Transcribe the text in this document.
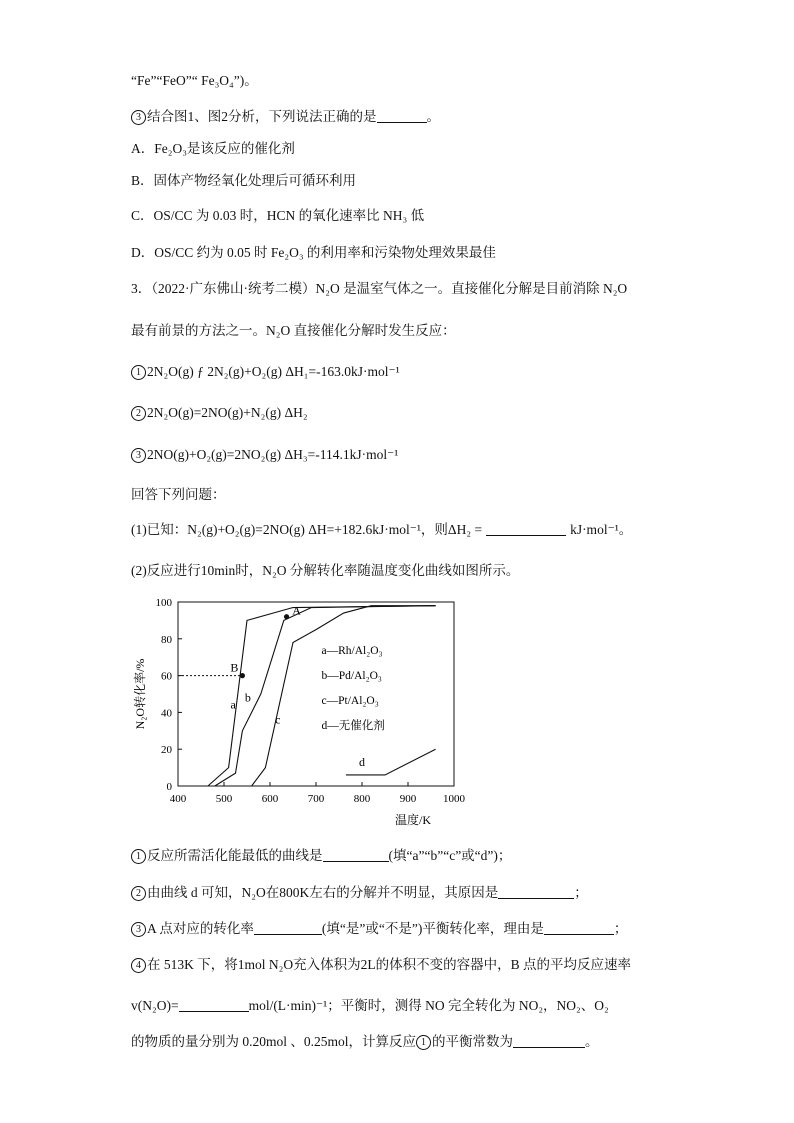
“Fe”“FeO”“ Fe₃O₄”)。
3 结合图1、图2分析，下列说法正确的是	。
A．Fe₂O₃是该反应的催化剂
B．固体产物经氧化处理后可循环利用
C．OS/CC 为 0.03 时，HCN 的氧化速率比 NH₃ 低
D．OS/CC 约为 0.05 时 Fe₂O₃ 的利用率和污染物处理效果最佳
3．（2022·广东佛山·统考二模）N₂O 是温室气体之一。直接催化分解是目前消除 N₂O
最有前景的方法之一。N₂O 直接催化分解时发生反应：
1 2N₂O(g) ƒ 2N₂(g)+O₂(g) ΔH₁=-163.0kJ·mol⁻¹
2 2N₂O(g)=2NO(g)+N₂(g) ΔH₂
3 2NO(g)+O₂(g)=2NO₂(g) ΔH₃=-114.1kJ·mol⁻¹
回答下列问题：
(1)已知：N₂(g)+O₂(g)=2NO(g) ΔH=+182.6kJ·mol⁻¹，则ΔH₂ =	kJ·mol⁻¹。
(2)反应进行10min时，N₂O 分解转化率随温度变化曲线如图所示。
400	500	600	700	800	900 1000
0
20
40
60
80
100
温度/K
N₂O转化率/%	a
b
c
d
A
B
a—Rh/Al₂O₃
b—Pd/Al₂O₃
c—Pt/Al₂O₃
d—无催化剂
1 反应所需活化能最低的曲线是	(填“a”“b”“c”或“d”)；
2 由曲线 d 可知，N₂O在800K左右的分解并不明显，其原因是	；
3 A 点对应的转化率	(填“是”或“不是”)平衡转化率，理由是	；
4 在 513K 下，将1mol N₂O充入体积为2L的体积不变的容器中，B 点的平均反应速率
v(N₂O)=	mol/(L·min)⁻¹；平衡时，测得 NO 完全转化为 NO₂，NO₂、O₂
的物质的量分别为 0.20mol 、0.25mol，计算反应 1 的平衡常数为	。
